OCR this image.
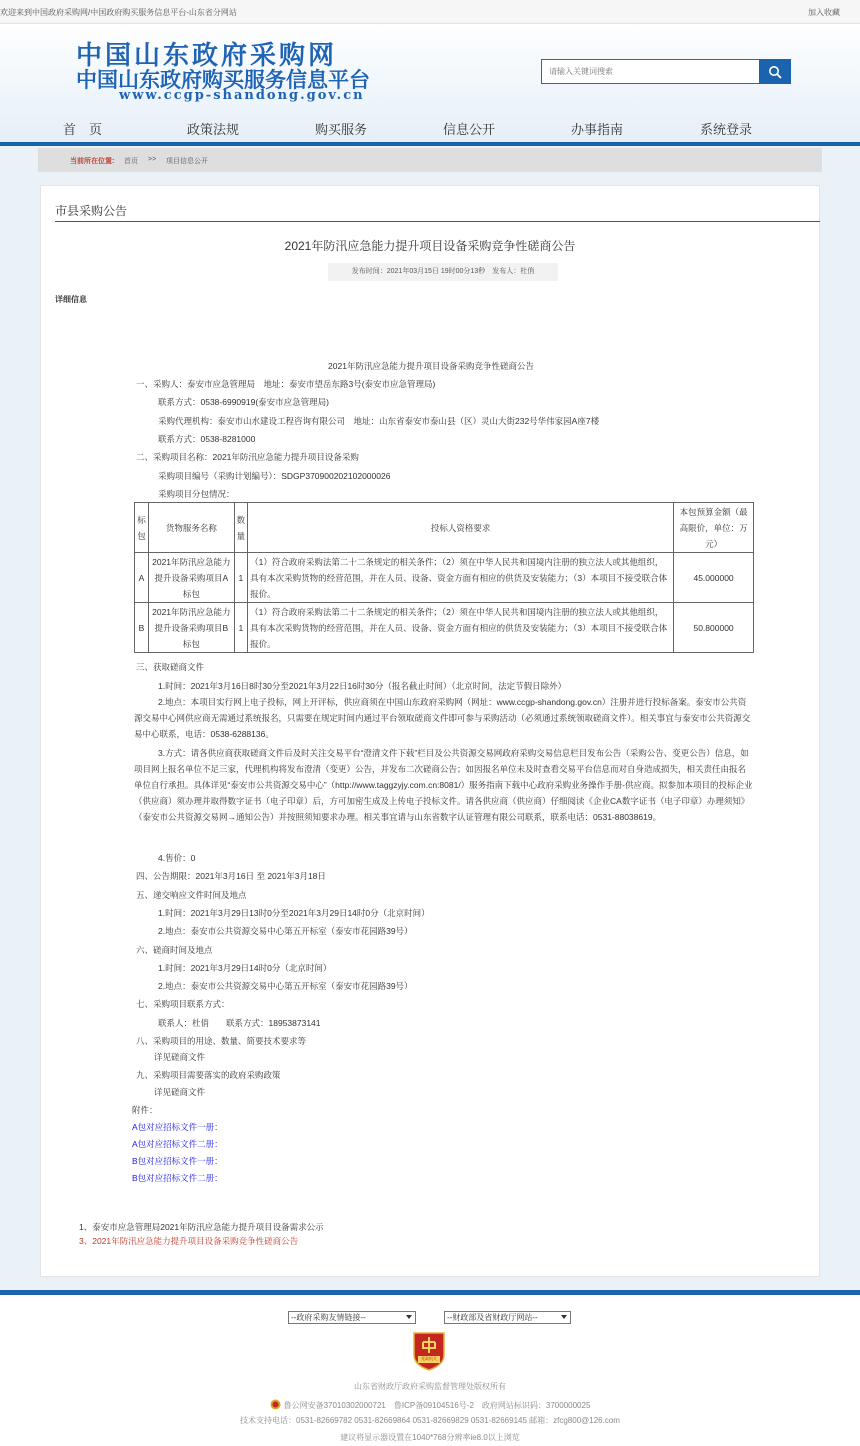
欢迎来到中国政府采购网/中国政府购买服务信息平台-山东省分网站	加入收藏
中国山东政府采购网
中国山东政府购买服务信息平台
www.ccgp-shandong.gov.cn
请输入关键词搜索
首　页	政策法规	购买服务	信息公开	办事指南	系统登录
当前所在位置: 首页 >> 项目信息公开
市县采购公告
2021年防汛应急能力提升项目设备采购竞争性磋商公告
发布时间：2021年03月15日 19时00分13秒　发布人：杜俏
详细信息
2021年防汛应急能力提升项目设备采购竞争性磋商公告
一、采购人：泰安市应急管理局　地址：泰安市望岳东路3号(泰安市应急管理局)
联系方式：0538-6990919(泰安市应急管理局)
采购代理机构：泰安市山水建设工程咨询有限公司　地址：山东省泰安市泰山县（区）灵山大街232号华伟家园A座7楼
联系方式：0538-8281000
二、采购项目名称：2021年防汛应急能力提升项目设备采购
采购项目编号（采购计划编号）：SDGP370900202102000026
采购项目分包情况：
标包	货物服务名称	数量	投标人资格要求	本包预算金额（最高限价，单位：万元）
A	2021年防汛应急能力提升设备采购项目A标包	1	（1）符合政府采购法第二十二条规定的相关条件；（2）须在中华人民共和国境内注册的独立法人或其他组织，具有本次采购货物的经营范围，并在人员、设备、资金方面有相应的供货及安装能力；（3）本项目不接受联合体报价。	45.000000
B	2021年防汛应急能力提升设备采购项目B标包	1	（1）符合政府采购法第二十二条规定的相关条件；（2）须在中华人民共和国境内注册的独立法人或其他组织，具有本次采购货物的经营范围，并在人员、设备、资金方面有相应的供货及安装能力；（3）本项目不接受联合体报价。	50.800000
三、获取磋商文件
1.时间：2021年3月16日8时30分至2021年3月22日16时30分（报名截止时间）（北京时间，法定节假日除外）
2.地点：本项目实行网上电子投标，网上开评标，供应商须在中国山东政府采购网（网址：www.ccgp-shandong.gov.cn）注册并进行投标备案。泰安市公共资源交易中心网供应商无需通过系统报名，只需要在规定时间内通过平台领取磋商文件即可参与采购活动（必须通过系统领取磋商文件）。相关事宜与泰安市公共资源交易中心联系，电话：0538-6288136。
3.方式：请各供应商获取磋商文件后及时关注交易平台“澄清文件下载”栏目及公共资源交易网政府采购交易信息栏目发布公告（采购公告、变更公告）信息，如项目网上报名单位不足三家，代理机构将发布澄清（变更）公告，并发布二次磋商公告；如因报名单位未及时查看交易平台信息而对自身造成损失，相关责任由报名单位自行承担。具体详见“泰安市公共资源交易中心”（http://www.taggzyjy.com.cn:8081/）服务指南下载中心政府采购业务操作手册-供应商。拟参加本项目的投标企业（供应商）须办理并取得数字证书（电子印章）后，方可加密生成及上传电子投标文件。请各供应商（供应商）仔细阅读《企业CA数字证书（电子印章）办理须知》（泰安市公共资源交易网→通知公告）并按照须知要求办理。相关事宜请与山东省数字认证管理有限公司联系，联系电话：0531-88038619。
4.售价：0
四、公告期限：2021年3月16日 至 2021年3月18日
五、递交响应文件时间及地点
1.时间：2021年3月29日13时0分至2021年3月29日14时0分（北京时间）
2.地点：泰安市公共资源交易中心第五开标室（泰安市花园路39号）
六、磋商时间及地点
1.时间：2021年3月29日14时0分（北京时间）
2.地点：泰安市公共资源交易中心第五开标室（泰安市花园路39号）
七、采购项目联系方式：
联系人：杜俏　　联系方式：18953873141
八、采购项目的用途、数量、简要技术要求等
详见磋商文件
九、采购项目需要落实的政府采购政策
详见磋商文件
附件：
A包对应招标文件一册：
A包对应招标文件二册：
B包对应招标文件一册：
B包对应招标文件二册：
1、泰安市应急管理局2021年防汛应急能力提升项目设备需求公示
3、2021年防汛应急能力提升项目设备采购竞争性磋商公告
--政府采购友情链接--	--财政部及省财政厅网站--
党政机关
山东省财政厅政府采购监督管理处版权所有
鲁公网安备37010302000721　鲁ICP备09104516号-2　政府网站标识码：3700000025
技术支持电话：0531-82669782 0531-82669864 0531-82669829 0531-82669145 邮箱：zfcg800@126.com
建议将显示器设置在1040*768分辨率ie8.0以上浏览
